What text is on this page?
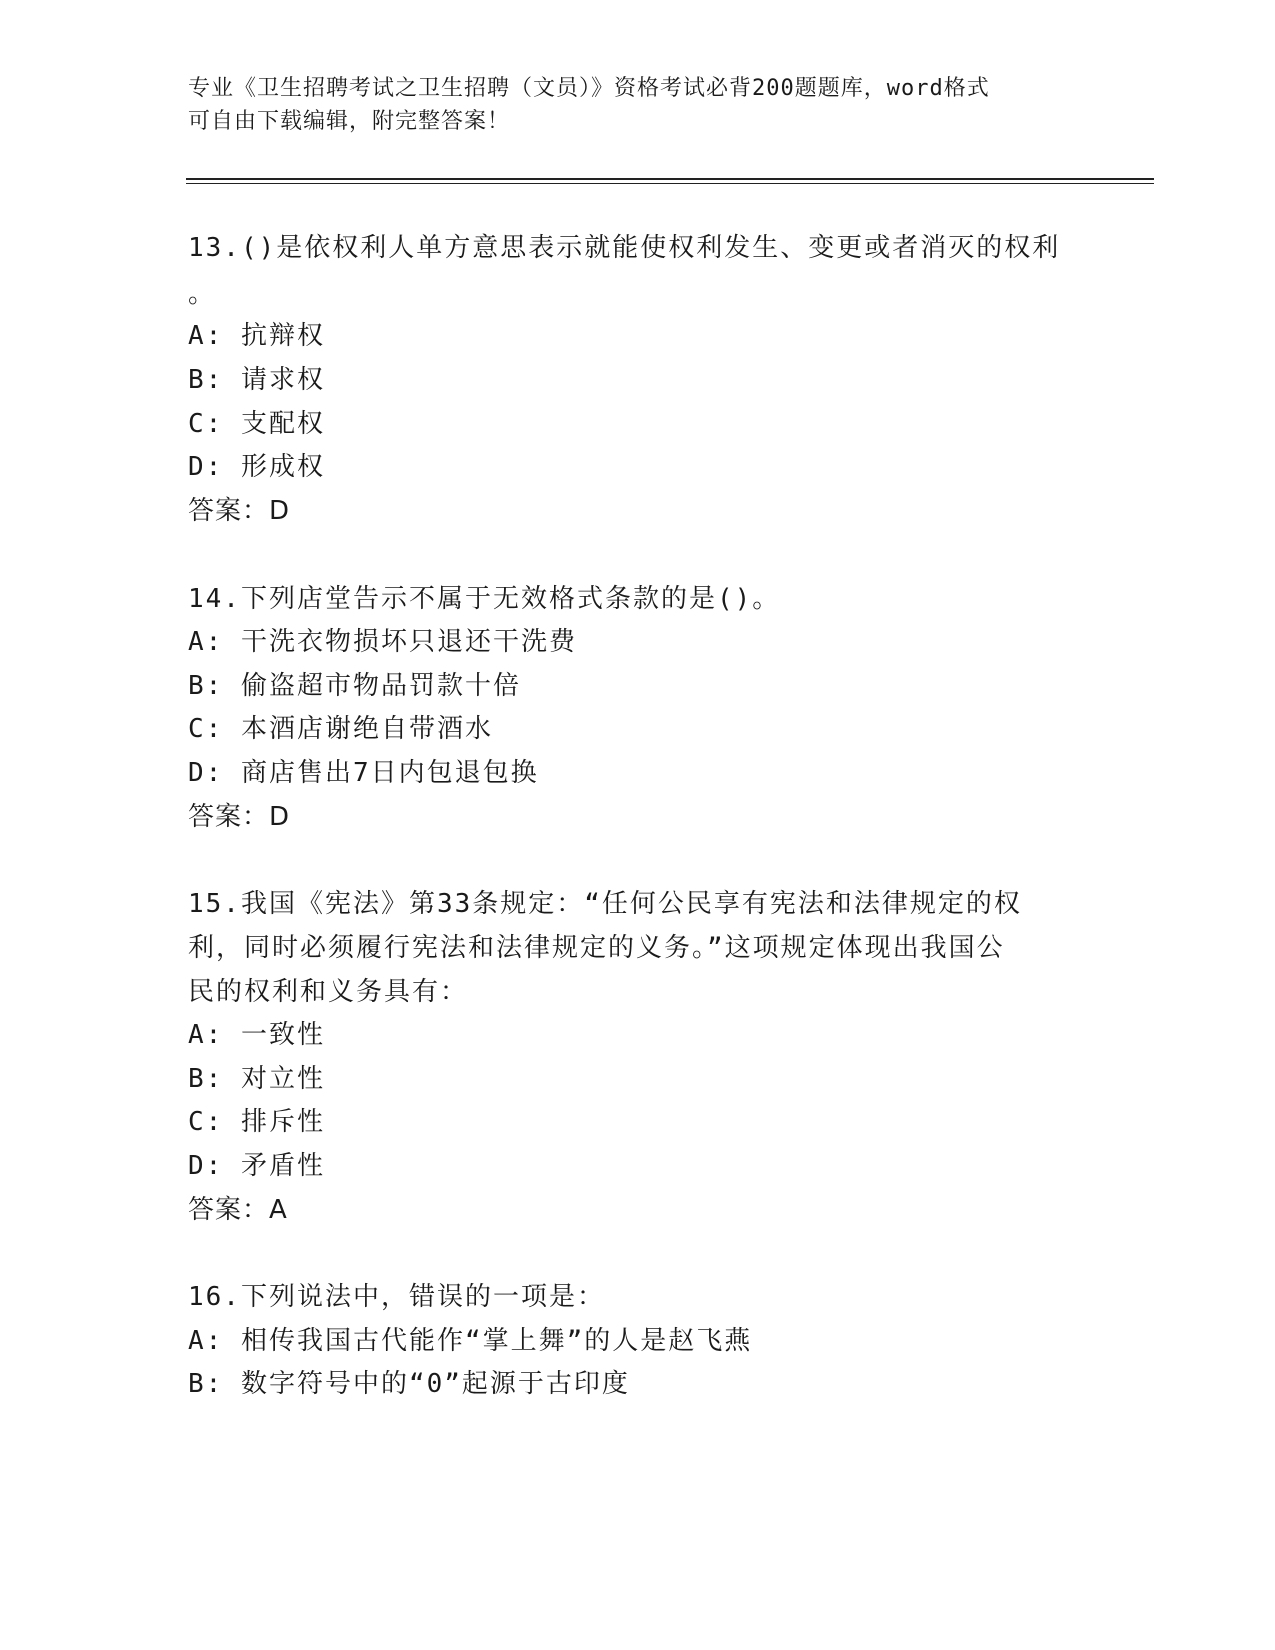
专业《卫生招聘考试之卫生招聘（文员）》资格考试必背200题题库，word格式
可自由下载编辑，附完整答案！
13.()是依权利人单方意思表示就能使权利发生、变更或者消灭的权利
。
A: 抗辩权
B: 请求权
C: 支配权
D: 形成权
答案：D
14.下列店堂告示不属于无效格式条款的是()。
A: 干洗衣物损坏只退还干洗费
B: 偷盗超市物品罚款十倍
C: 本酒店谢绝自带酒水
D: 商店售出7日内包退包换
答案：D
15.我国《宪法》第33条规定：“任何公民享有宪法和法律规定的权
利，同时必须履行宪法和法律规定的义务。”这项规定体现出我国公
民的权利和义务具有：
A: 一致性
B: 对立性
C: 排斥性
D: 矛盾性
答案：A
16.下列说法中，错误的一项是：
A: 相传我国古代能作“掌上舞”的人是赵飞燕
B: 数字符号中的“0”起源于古印度
